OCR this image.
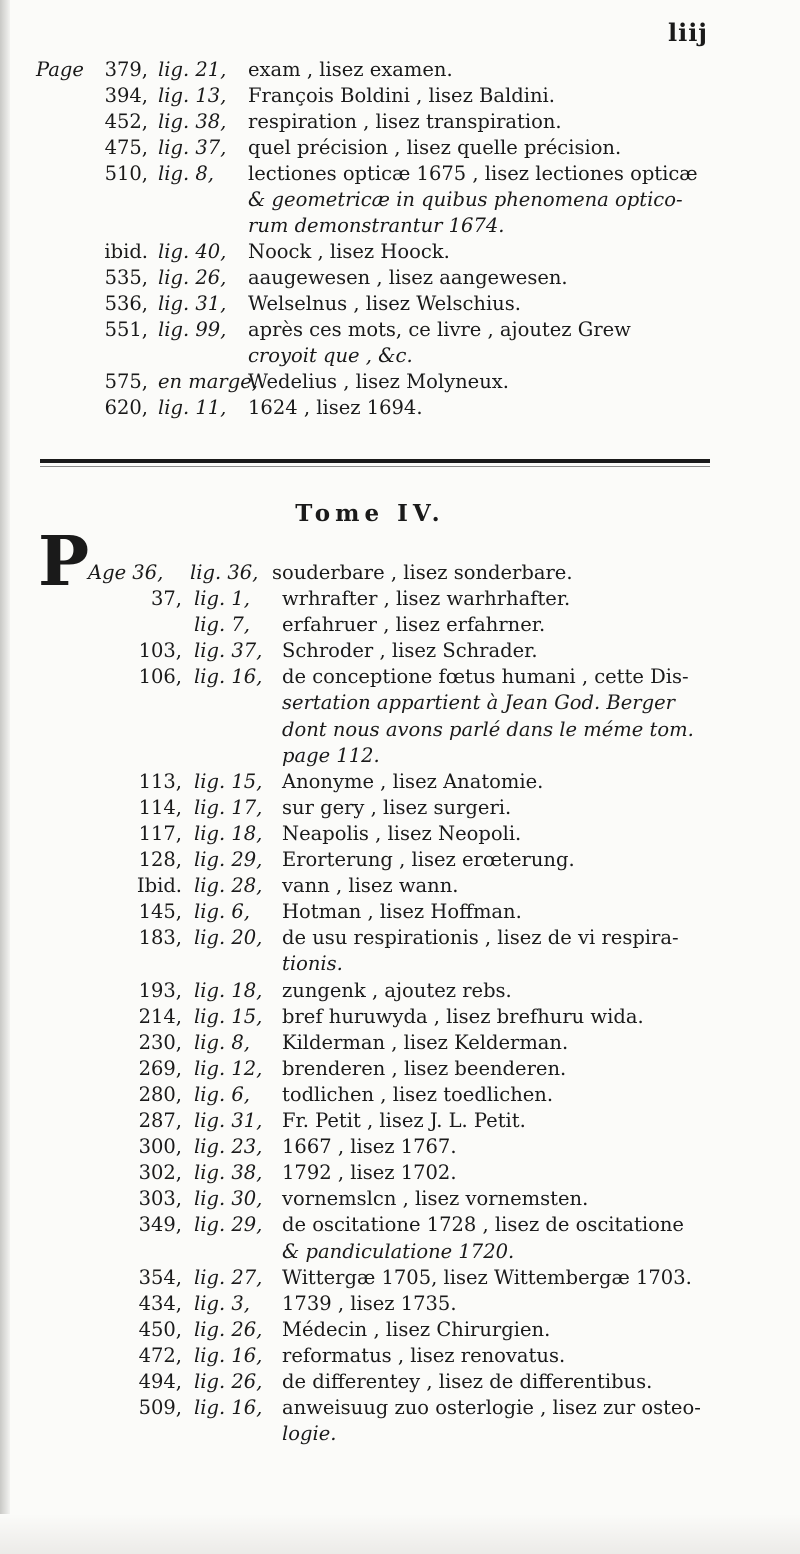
liij
Page	379, lig. 21, exam , lisez examen.
394, lig. 13, François Boldini , lisez Baldini.
452, lig. 38, respiration , lisez transpiration.
475, lig. 37, quel précision , lisez quelle précision.
510, lig. 8, lectiones opticæ 1675 , lisez lectiones opticæ
& geometricæ in quibus phenomena optico-
rum demonstrantur 1674.
ibid. lig. 40, Noock , lisez Hoock.
535, lig. 26, aaugewesen , lisez aangewesen.
536, lig. 31, Welselnus , lisez Welschius.
551, lig. 99, après ces mots, ce livre , ajoutez Grew
croyoit que , &c.
575, en marge,
Wedelius , lisez Molyneux.
620, lig. 11, 1624 , lisez 1694.
Tome IV.
P
Age 36, lig. 36, souderbare , lisez sonderbare.
37, lig. 1, wrhrafter , lisez warhrhafter.
lig. 7, erfahruer , lisez erfahrner.
103, lig. 37, Schroder , lisez Schrader.
106, lig. 16, de conceptione fœtus humani , cette Dis-
sertation appartient à Jean God. Berger
dont nous avons parlé dans le méme tom.
page 112.
113, lig. 15, Anonyme , lisez Anatomie.
114, lig. 17, sur gery , lisez surgeri.
117, lig. 18, Neapolis , lisez Neopoli.
128, lig. 29, Erorterung , lisez erœterung.
Ibid. lig. 28, vann , lisez wann.
145, lig. 6, Hotman , lisez Hoffman.
183, lig. 20, de usu respirationis , lisez de vi respira-
tionis.
193, lig. 18, zungenk , ajoutez rebs.
214, lig. 15, bref huruwyda , lisez brefhuru wida.
230, lig. 8, Kilderman , lisez Kelderman.
269, lig. 12, brenderen , lisez beenderen.
280, lig. 6, todlichen , lisez toedlichen.
287, lig. 31, Fr. Petit , lisez J. L. Petit.
300, lig. 23, 1667 , lisez 1767.
302, lig. 38, 1792 , lisez 1702.
303, lig. 30, vornemslcn , lisez vornemsten.
349, lig. 29, de oscitatione 1728 , lisez de oscitatione
& pandiculatione 1720.
354, lig. 27, Wittergæ 1705, lisez Wittembergæ 1703.
434, lig. 3, 1739 , lisez 1735.
450, lig. 26, Médecin , lisez Chirurgien.
472, lig. 16, reformatus , lisez renovatus.
494, lig. 26, de differentey , lisez de differentibus.
509, lig. 16, anweisuug zuo osterlogie , lisez zur osteo-
logie.
